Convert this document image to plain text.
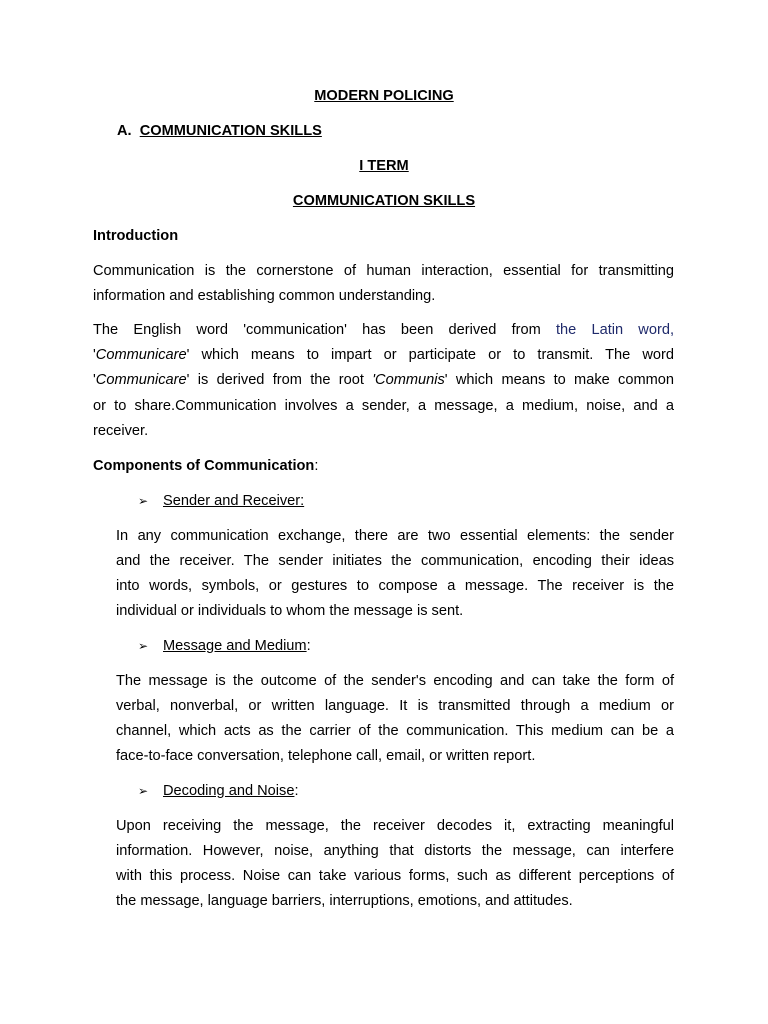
MODERN POLICING
A. COMMUNICATION SKILLS
I TERM
COMMUNICATION SKILLS
Introduction
Communication is the cornerstone of human interaction, essential for transmitting
information and establishing common understanding.
The English word 'communication' has been derived from the Latin word,
'Communicare' which means to impart or participate or to transmit. The word
'Communicare' is derived from the root 'Communis' which means to make common
or to share.Communication involves a sender, a message, a medium, noise, and a
receiver.
Components of Communication:
➢ Sender and Receiver:
In any communication exchange, there are two essential elements: the sender
and the receiver. The sender initiates the communication, encoding their ideas
into words, symbols, or gestures to compose a message. The receiver is the
individual or individuals to whom the message is sent.
➢ Message and Medium:
The message is the outcome of the sender's encoding and can take the form of
verbal, nonverbal, or written language. It is transmitted through a medium or
channel, which acts as the carrier of the communication. This medium can be a
face-to-face conversation, telephone call, email, or written report.
➢ Decoding and Noise:
Upon receiving the message, the receiver decodes it, extracting meaningful
information. However, noise, anything that distorts the message, can interfere
with this process. Noise can take various forms, such as different perceptions of
the message, language barriers, interruptions, emotions, and attitudes.
